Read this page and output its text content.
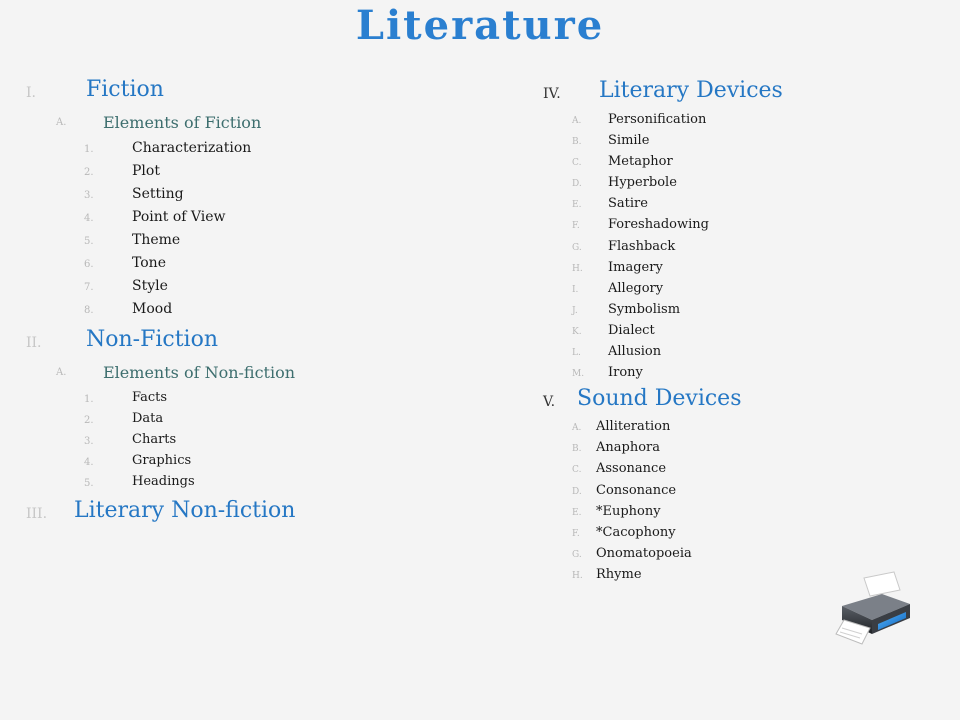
Literature
I. Fiction
A. Elements of Fiction
1.	Characterization
2.	Plot
3.	Setting
4.	Point of View
5.	Theme
6.	Tone
7.	Style
8.	Mood
II. Non-Fiction
A. Elements of Non-fiction
1.	Facts
2.	Data
3.	Charts
4.	Graphics
5.	Headings
III. Literary Non-fiction
IV. Literary Devices
A. Personification
B. Simile
C. Metaphor
D. Hyperbole
E. Satire
F. Foreshadowing
G. Flashback
H. Imagery
I. Allegory
J. Symbolism
K. Dialect
L. Allusion
M. Irony
V. Sound Devices
A. Alliteration
B. Anaphora
C. Assonance
D. Consonance
E. *Euphony
F. *Cacophony
G. Onomatopoeia
H. Rhyme
